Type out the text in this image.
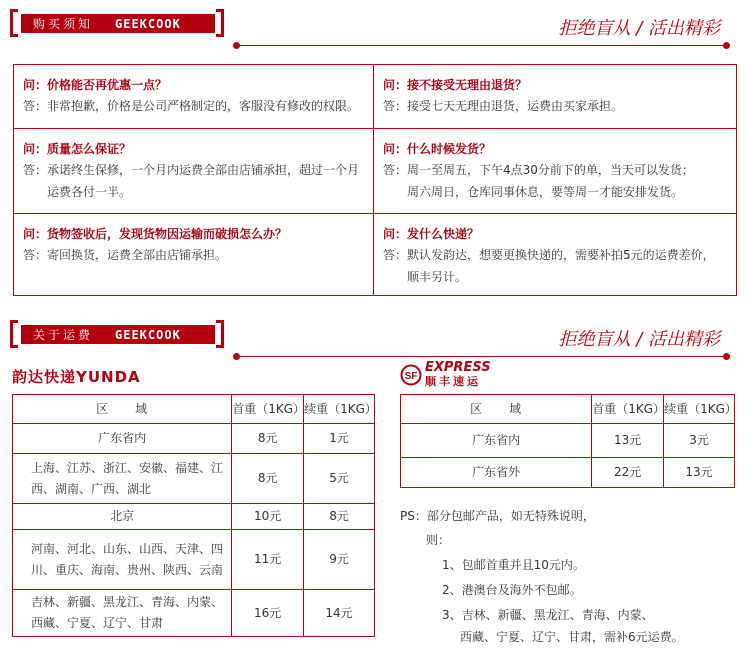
购买须知	GEEKCOOK	拒绝盲从 / 活出精彩
问：价格能否再优惠一点？
答： 非常抱歉，价格是公司严格制定的，客服没有修改的权限。
问：接不接受无理由退货？
答： 接受七天无理由退货，运费由买家承担。
问：质量怎么保证？
答： 承诺终生保修，一个月内运费全部由店铺承担，超过一个月运费各付一半。
问：什么时候发货？
答： 周一至周五，下午4点30分前下的单，当天可以发货；周六周日，仓库同事休息，要等周一才能安排发货。
问：货物签收后，发现货物因运输而破损怎么办？
答： 寄回换货，运费全部由店铺承担。
问：发什么快递？
答： 默认发韵达，想要更换快递的，需要补拍5元的运费差价，顺丰另计。
关于运费	GEEKCOOK	拒绝盲从 / 活出精彩
韵达快递YUNDA
区　　域	首重（1KG）	续重（1KG）
广东省内	8元	1元
上海、江苏、浙江、安徽、福建、江西、湖南、广西、湖北	8元	5元
北京	10元	8元
河南、河北、山东、山西、天津、四川、重庆、海南、贵州、陕西、云南	11元	9元
吉林、新疆、黑龙江、青海、内蒙、西藏、宁夏、辽宁、甘肃	16元	14元
SF
EXPRESS
顺丰速运
区　　域	首重（1KG）	续重（1KG）
广东省内	13元	3元
广东省外	22元	13元
PS： 部分包邮产品，如无特殊说明，
则：
1、包邮首重并且10元内。
2、港澳台及海外不包邮。
3、吉林、新疆、黑龙江、青海、内蒙、
西藏、宁夏、辽宁、甘肃，需补6元运费。
